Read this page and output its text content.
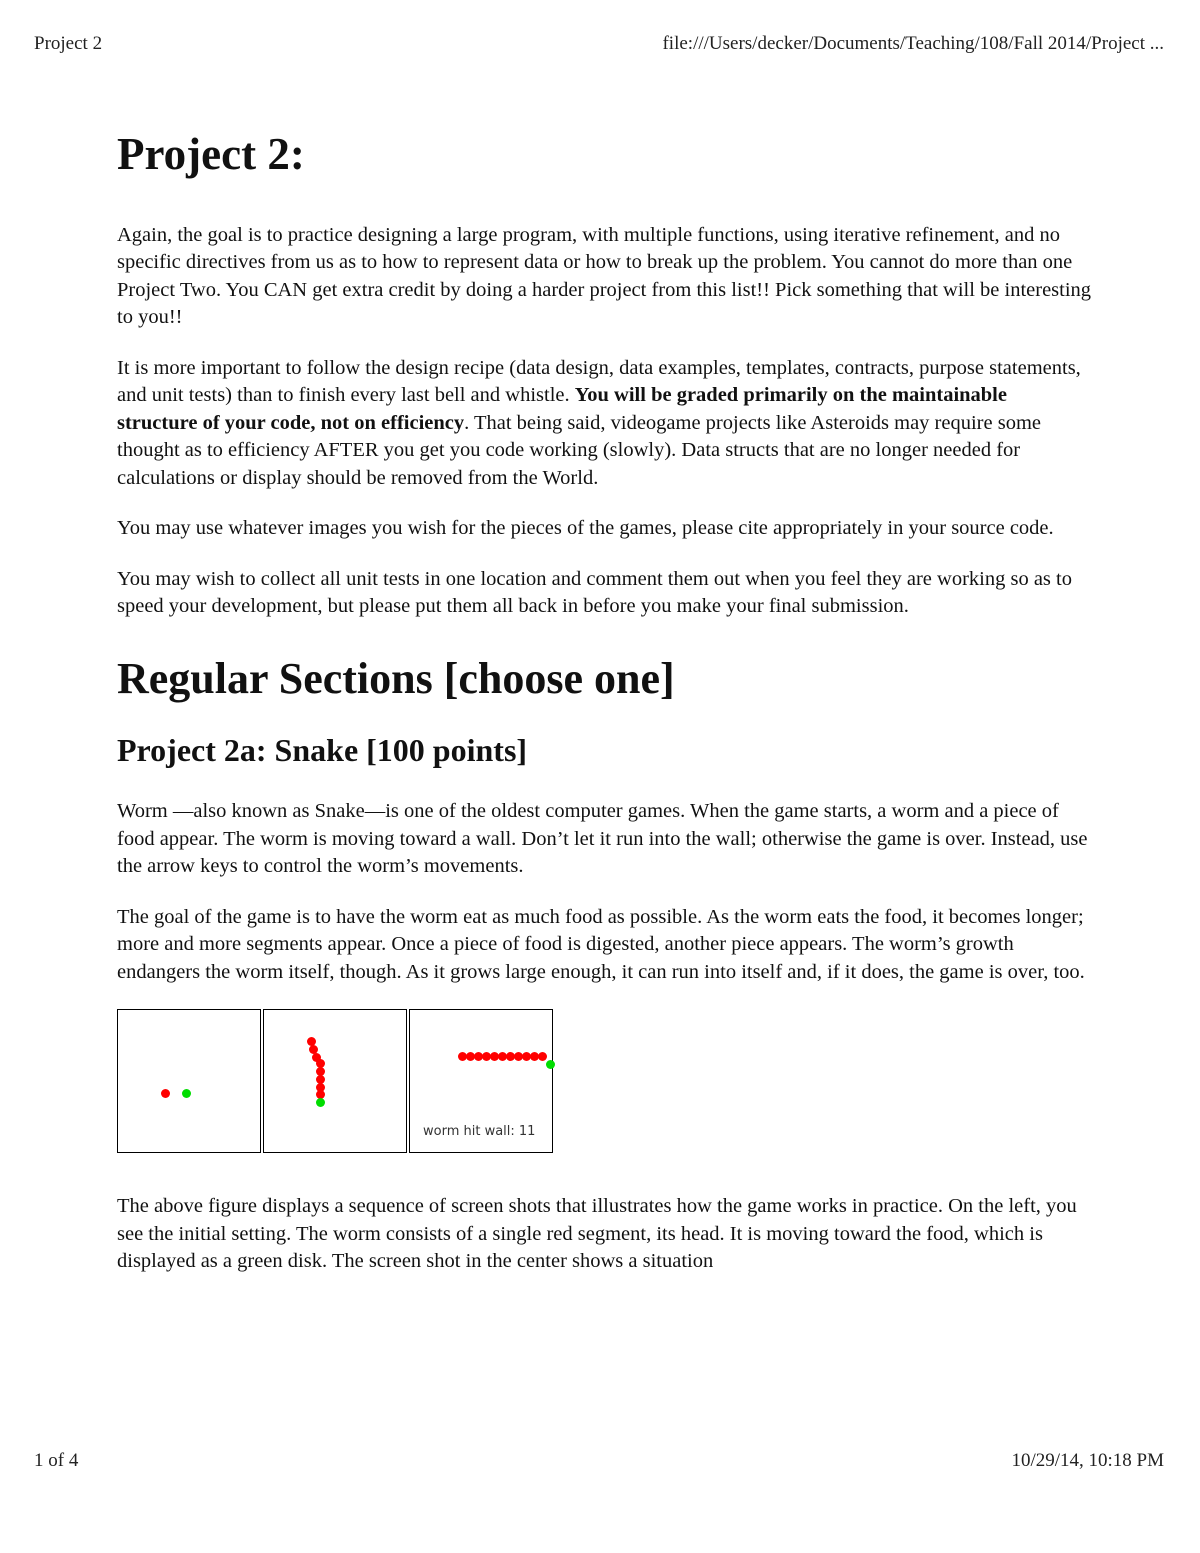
Project 2	file:///Users/decker/Documents/Teaching/108/Fall 2014/Project ...
Project 2:

Again, the goal is to practice designing a large program, with multiple functions, using iterative refinement, and no specific directives from us as to how to represent data or how to break up the problem. You cannot do more than one Project Two. You CAN get extra credit by doing a harder project from this list!! Pick something that will be interesting to you!!

It is more important to follow the design recipe (data design, data examples, templates, contracts, purpose statements, and unit tests) than to finish every last bell and whistle. You will be graded primarily on the maintainable structure of your code, not on efficiency. That being said, videogame projects like Asteroids may require some thought as to efficiency AFTER you get you code working (slowly). Data structs that are no longer needed for calculations or display should be removed from the World.

You may use whatever images you wish for the pieces of the games, please cite appropriately in your source code.

You may wish to collect all unit tests in one location and comment them out when you feel they are working so as to speed your development, but please put them all back in before you make your final submission.

Regular Sections [choose one]
Project 2a: Snake [100 points]

Worm —also known as Snake—is one of the oldest computer games. When the game starts, a worm and a piece of food appear. The worm is moving toward a wall. Don’t let it run into the wall; otherwise the game is over. Instead, use the arrow keys to control the worm’s movements.

The goal of the game is to have the worm eat as much food as possible. As the worm eats the food, it becomes longer; more and more segments appear. Once a piece of food is digested, another piece appears. The worm’s growth endangers the worm itself, though. As it grows large enough, it can run into itself and, if it does, the game is over, too.

worm hit wall: 11

The above figure displays a sequence of screen shots that illustrates how the game works in practice. On the left, you see the initial setting. The worm consists of a single red segment, its head. It is moving toward the food, which is displayed as a green disk. The screen shot in the center shows a situation

1 of 4	10/29/14, 10:18 PM
